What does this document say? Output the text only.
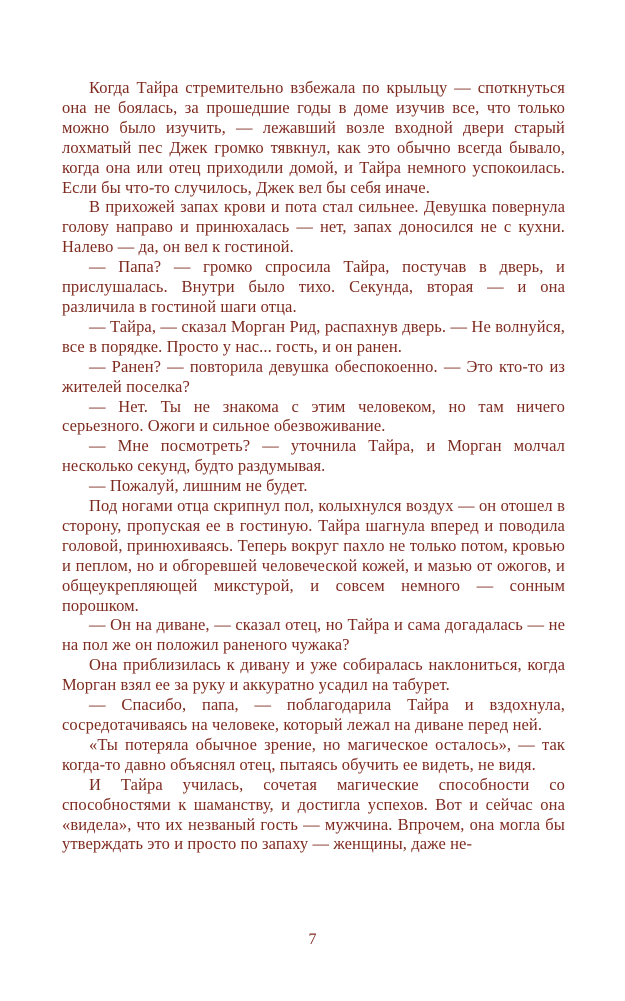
Когда Тайра стремительно взбежала по крыльцу — споткнуться она не боялась, за прошедшие годы в доме изучив все, что только можно было изучить, — лежавший возле входной двери старый лохматый пес Джек громко тявкнул, как это обычно всегда бывало, когда она или отец приходили домой, и Тайра немного успокоилась. Если бы что-то случилось, Джек вел бы себя иначе.

В прихожей запах крови и пота стал сильнее. Девушка повернула голову направо и принюхалась — нет, запах доносился не с кухни. Налево — да, он вел к гостиной.

— Папа? — громко спросила Тайра, постучав в дверь, и прислушалась. Внутри было тихо. Секунда, вторая — и она различила в гостиной шаги отца.

— Тайра, — сказал Морган Рид, распахнув дверь. — Не волнуйся, все в порядке. Просто у нас... гость, и он ранен.

— Ранен? — повторила девушка обеспокоенно. — Это кто-то из жителей поселка?

— Нет. Ты не знакома с этим человеком, но там ничего серьезного. Ожоги и сильное обезвоживание.

— Мне посмотреть? — уточнила Тайра, и Морган молчал несколько секунд, будто раздумывая.

— Пожалуй, лишним не будет.

Под ногами отца скрипнул пол, колыхнулся воздух — он отошел в сторону, пропуская ее в гостиную. Тайра шагнула вперед и поводила головой, принюхиваясь. Теперь вокруг пахло не только потом, кровью и пеплом, но и обгоревшей человеческой кожей, и мазью от ожогов, и общеукрепляющей микстурой, и совсем немного — сонным порошком.

— Он на диване, — сказал отец, но Тайра и сама догадалась — не на пол же он положил раненого чужака?

Она приблизилась к дивану и уже собиралась наклониться, когда Морган взял ее за руку и аккуратно усадил на табурет.

— Спасибо, папа, — поблагодарила Тайра и вздохнула, сосредотачиваясь на человеке, который лежал на диване перед ней.

«Ты потеряла обычное зрение, но магическое осталось», — так когда-то давно объяснял отец, пытаясь обучить ее видеть, не видя.

И Тайра училась, сочетая магические способности со способностями к шаманству, и достигла успехов. Вот и сейчас она «видела», что их незваный гость — мужчина. Впрочем, она могла бы утверждать это и просто по запаху — женщины, даже не-

7
